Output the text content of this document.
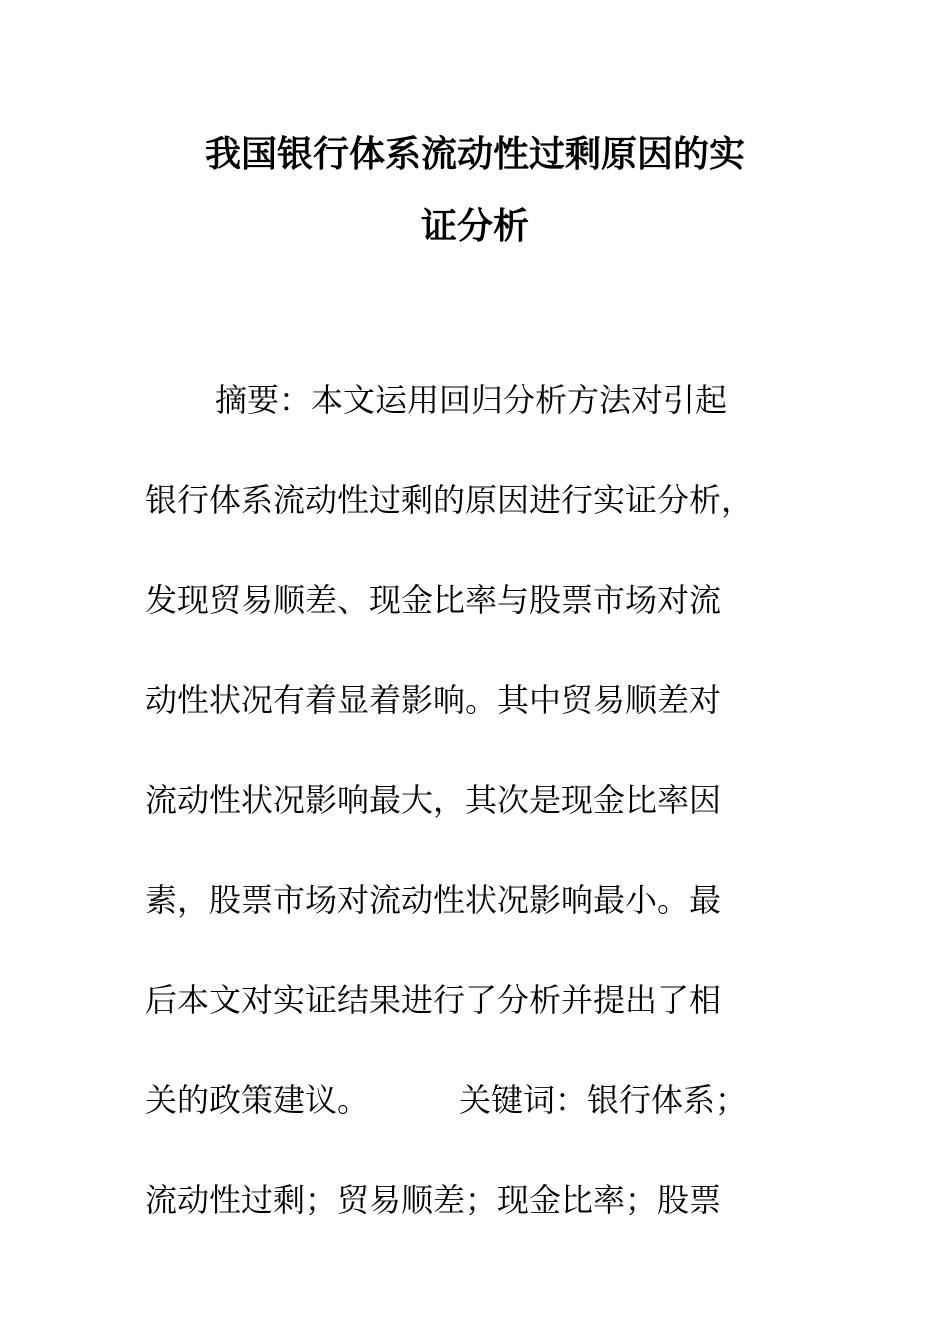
我国银行体系流动性过剩原因的实
证分析
摘要：本文运用回归分析方法对引起
银行体系流动性过剩的原因进行实证分析，
发现贸易顺差、现金比率与股票市场对流
动性状况有着显着影响。其中贸易顺差对
流动性状况影响最大，其次是现金比率因
素，股票市场对流动性状况影响最小。最
后本文对实证结果进行了分析并提出了相
关的政策建议。	关键词：银行体系；
流动性过剩；贸易顺差；现金比率；股票
